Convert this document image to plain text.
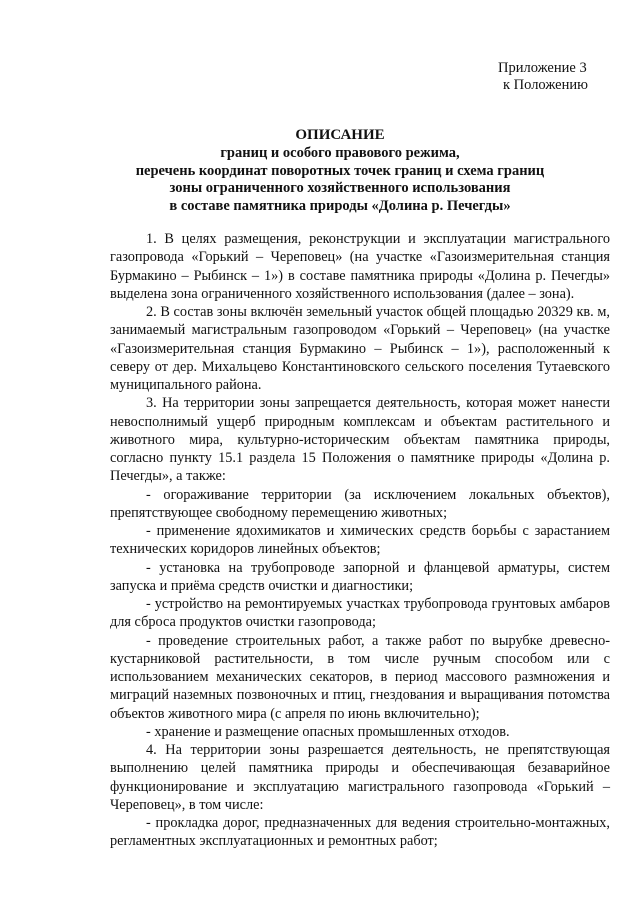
Приложение 3
к Положению
ОПИСАНИЕ
границ и особого правового режима,
перечень координат поворотных точек границ и схема границ
зоны ограниченного хозяйственного использования
в составе памятника природы «Долина р. Печегды»

1. В целях размещения, реконструкции и эксплуатации магистрального газопровода «Горький – Череповец» (на участке «Газоизмерительная станция Бурмакино – Рыбинск – 1») в составе памятника природы «Долина р. Печегды» выделена зона ограниченного хозяйственного использования (далее – зона).

2. В состав зоны включён земельный участок общей площадью 20329 кв. м, занимаемый магистральным газопроводом «Горький – Череповец» (на участке «Газоизмерительная станция Бурмакино – Рыбинск – 1»), расположенный к северу от дер. Михальцево Константиновского сельского поселения Тутаевского муниципального района.

3. На территории зоны запрещается деятельность, которая может нанести невосполнимый ущерб природным комплексам и объектам растительного и животного мира, культурно-историческим объектам памятника природы, согласно пункту 15.1 раздела 15 Положения о памятнике природы «Долина р. Печегды», а также:

- огораживание территории (за исключением локальных объектов), препятствующее свободному перемещению животных;

- применение ядохимикатов и химических средств борьбы с зарастанием технических коридоров линейных объектов;

- установка на трубопроводе запорной и фланцевой арматуры, систем запуска и приёма средств очистки и диагностики;

- устройство на ремонтируемых участках трубопровода грунтовых амбаров для сброса продуктов очистки газопровода;

- проведение строительных работ, а также работ по вырубке древесно-кустарниковой растительности, в том числе ручным способом или с использованием механических секаторов, в период массового размножения и миграций наземных позвоночных и птиц, гнездования и выращивания потомства объектов животного мира (с апреля по июнь включительно);

- хранение и размещение опасных промышленных отходов.

4. На территории зоны разрешается деятельность, не препятствующая выполнению целей памятника природы и обеспечивающая безаварийное функционирование и эксплуатацию магистрального газопровода «Горький – Череповец», в том числе:

- прокладка дорог, предназначенных для ведения строительно-монтажных, регламентных эксплуатационных и ремонтных работ;
